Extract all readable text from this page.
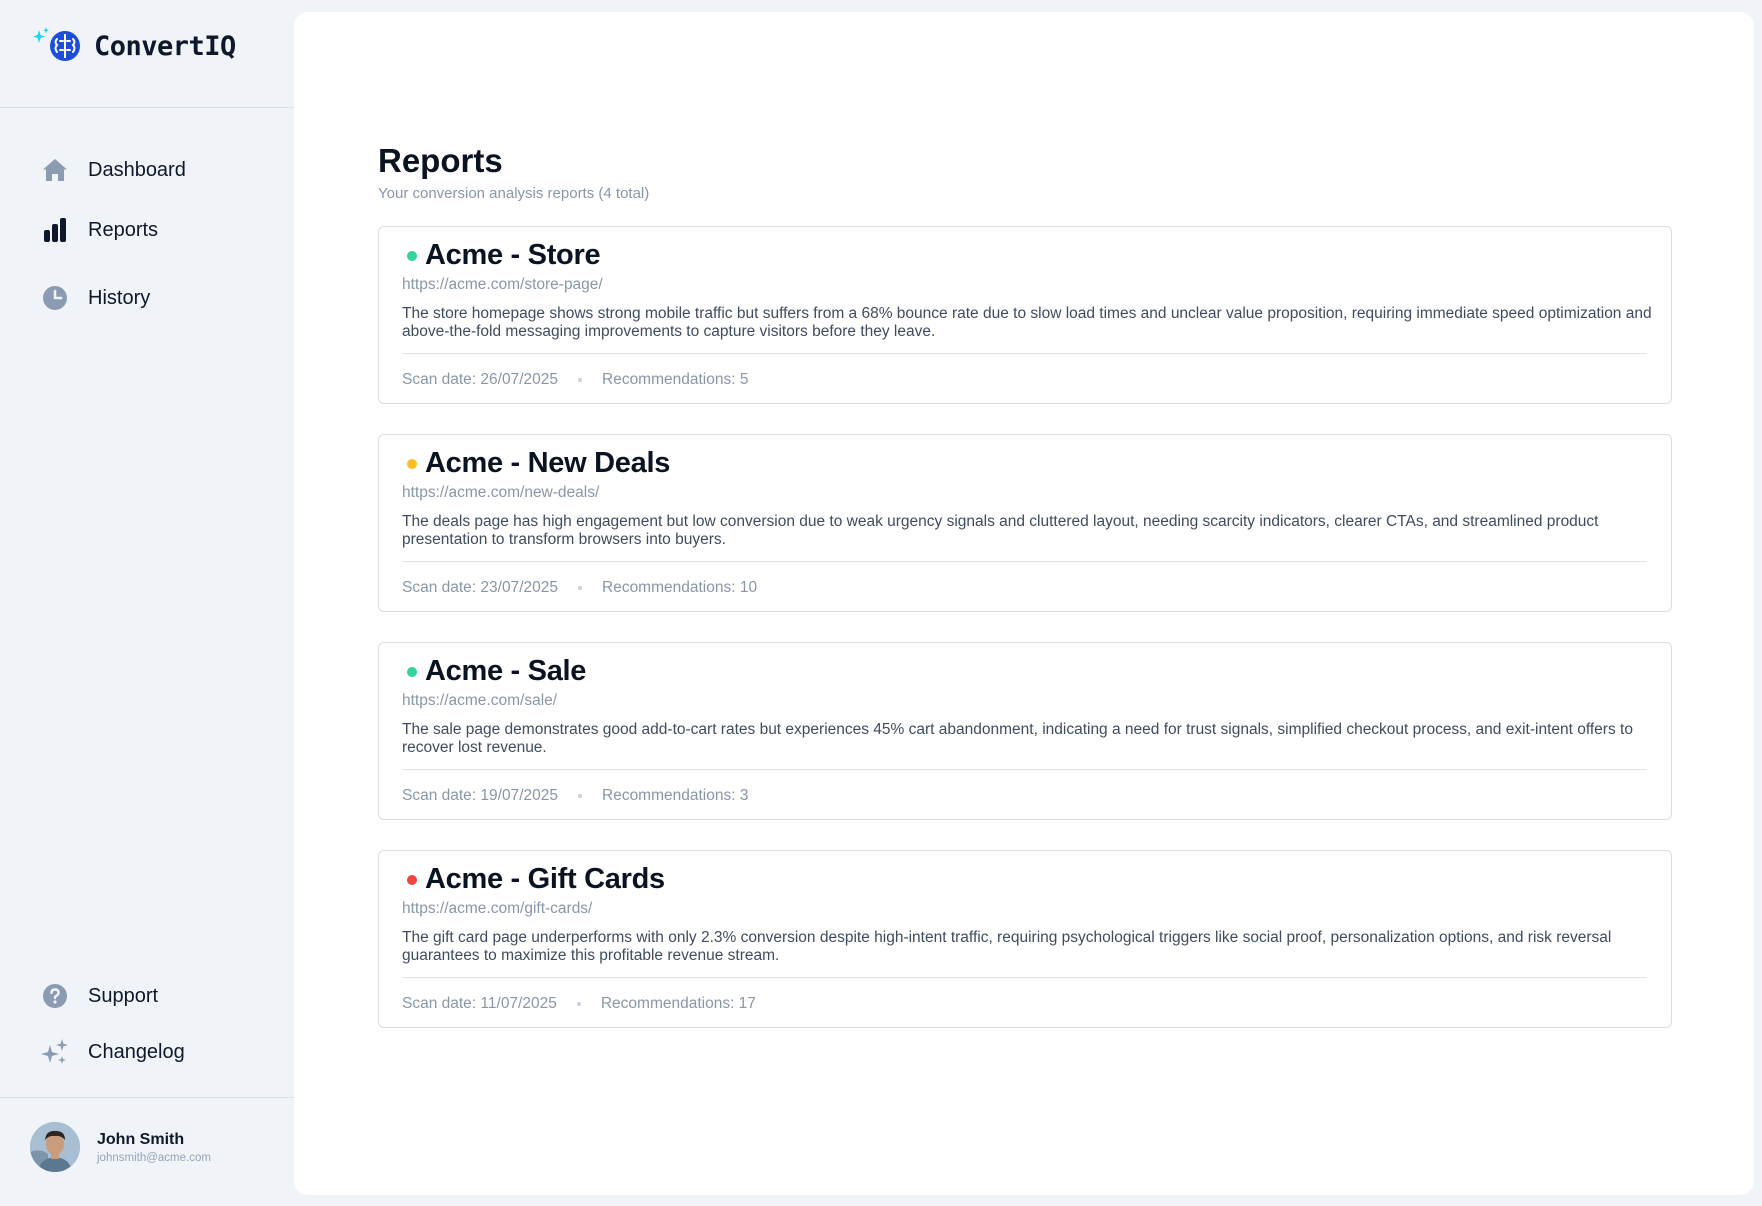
ConvertIQ
Dashboard
Reports
History
Support
Changelog
John Smith
johnsmith@acme.com
Reports
Your conversion analysis reports (4 total)
Acme - Store
https://acme.com/store-page/
The store homepage shows strong mobile traffic but suffers from a 68% bounce rate due to slow load times and unclear value proposition, requiring immediate speed optimization and above-the-fold messaging improvements to capture visitors before they leave.
Scan date: 26/07/2025	Recommendations: 5
Acme - New Deals
https://acme.com/new-deals/
The deals page has high engagement but low conversion due to weak urgency signals and cluttered layout, needing scarcity indicators, clearer CTAs, and streamlined product presentation to transform browsers into buyers.
Scan date: 23/07/2025	Recommendations: 10
Acme - Sale
https://acme.com/sale/
The sale page demonstrates good add-to-cart rates but experiences 45% cart abandonment, indicating a need for trust signals, simplified checkout process, and exit-intent offers to recover lost revenue.
Scan date: 19/07/2025	Recommendations: 3
Acme - Gift Cards
https://acme.com/gift-cards/
The gift card page underperforms with only 2.3% conversion despite high-intent traffic, requiring psychological triggers like social proof, personalization options, and risk reversal guarantees to maximize this profitable revenue stream.
Scan date: 11/07/2025	Recommendations: 17
